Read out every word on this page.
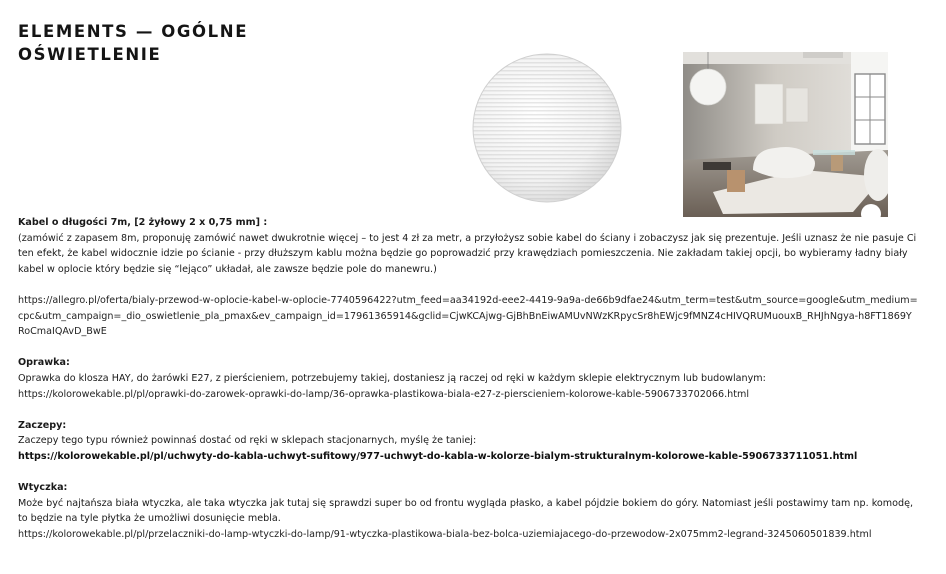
ELEMENTS — OGÓLNE
OŚWIETLENIE

Kabel o długości 7m, [2 żyłowy 2 x 0,75 mm] :

(zamówić z zapasem 8m, proponuję zamówić nawet dwukrotnie więcej – to jest 4 zł za metr, a przyłożysz sobie kabel do ściany i zobaczysz jak się prezentuje. Jeśli uznasz że nie pasuje Ci ten efekt, że kabel widocznie idzie po ścianie - przy dłuższym kablu można będzie go poprowadzić przy krawędziach pomieszczenia. Nie zakładam takiej opcji, bo wybieramy ładny biały kabel w oplocie który będzie się “lejąco” układał, ale zawsze będzie pole do manewru.)

https://allegro.pl/oferta/bialy-przewod-w-oplocie-kabel-w-oplocie-7740596422?utm_feed=aa34192d-eee2-4419-9a9a-de66b9dfae24&utm_term=test&utm_source=google&utm_medium=cpc&utm_campaign=_dio_oswietlenie_pla_pmax&ev_campaign_id=17961365914&gclid=CjwKCAjwg-GjBhBnEiwAMUvNWzKRpycSr8hEWjc9fMNZ4cHIVQRUMuouxB_RHJhNgya-h8FT1869YRoCmaIQAvD_BwE

Oprawka:

Oprawka do klosza HAY, do żarówki E27, z pierścieniem, potrzebujemy takiej, dostaniesz ją raczej od ręki w każdym sklepie elektrycznym lub budowlanym:

https://kolorowekable.pl/pl/oprawki-do-zarowek-oprawki-do-lamp/36-oprawka-plastikowa-biala-e27-z-pierscieniem-kolorowe-kable-5906733702066.html

Zaczepy:

Zaczepy tego typu również powinnaś dostać od ręki w sklepach stacjonarnych, myślę że taniej:

https://kolorowekable.pl/pl/uchwyty-do-kabla-uchwyt-sufitowy/977-uchwyt-do-kabla-w-kolorze-bialym-strukturalnym-kolorowe-kable-5906733711051.html

Wtyczka:

Może być najtańsza biała wtyczka, ale taka wtyczka jak tutaj się sprawdzi super bo od frontu wygląda płasko, a kabel pójdzie bokiem do góry. Natomiast jeśli postawimy tam np. komodę, to będzie na tyle płytka że umożliwi dosunięcie mebla.

https://kolorowekable.pl/pl/przelaczniki-do-lamp-wtyczki-do-lamp/91-wtyczka-plastikowa-biala-bez-bolca-uziemiajacego-do-przewodow-2x075mm2-legrand-3245060501839.html
